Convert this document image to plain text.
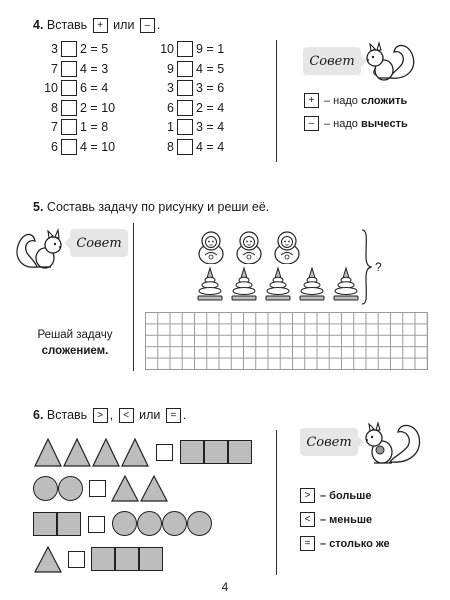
4. Вставь + или – .
3 2 = 5
7 4 = 3
10 6 = 4
8 2 = 10
7 1 = 8
6 4 = 10
10 9 = 1
9 4 = 5
3 3 = 6
6 2 = 4
1 3 = 4
8 4 = 4
Совет
+ – надо
сложить
– – надо
вычесть
5. Составь задачу по рисунку и реши её.
Совет
?
Решай задачу
сложением.
6. Вставь > , < или = .
Совет
> – больше
< – меньше
= – столько же
4
